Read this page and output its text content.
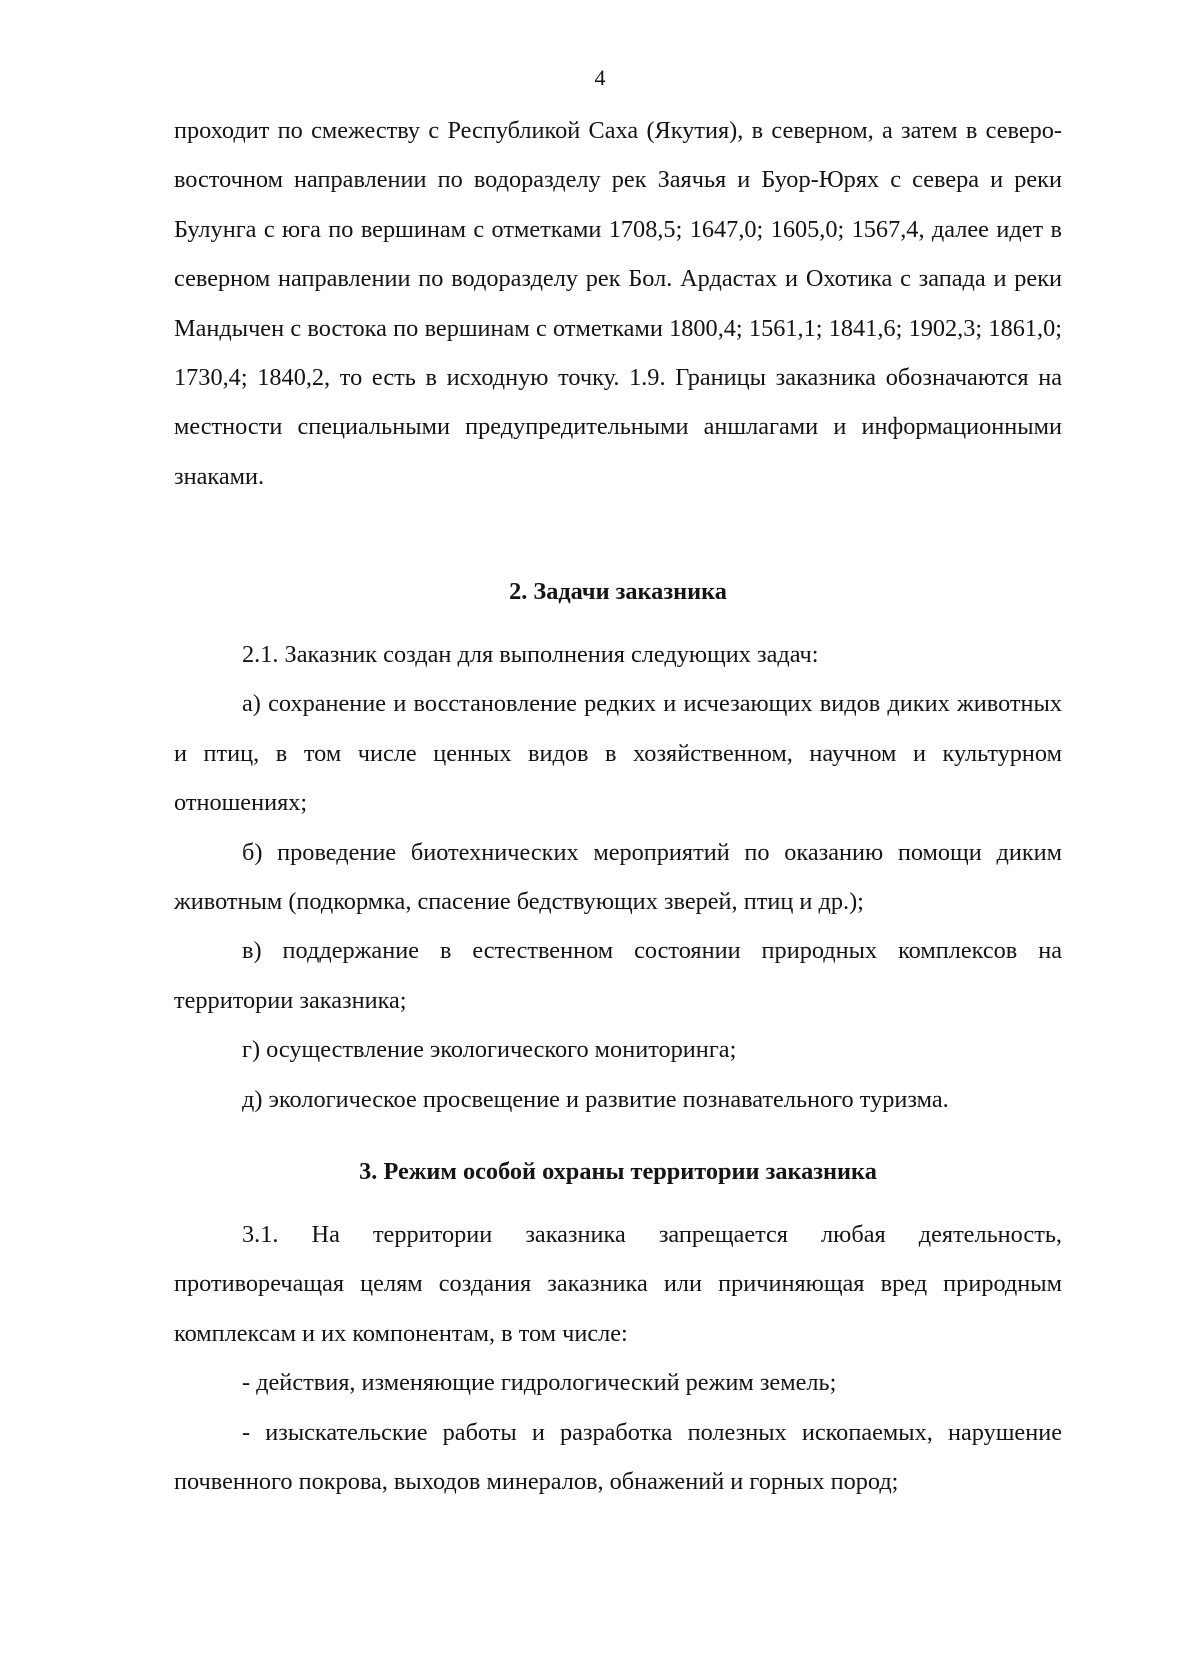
4

проходит по смежеству с Республикой Саха (Якутия), в северном, а затем в северо-восточном направлении по водоразделу рек Заячья и Буор-Юрях с севера и реки Булунга с юга по вершинам с отметками 1708,5; 1647,0; 1605,0; 1567,4, далее идет в северном направлении по водоразделу рек Бол. Ардастах и Охотика с запада и реки Мандычен с востока по вершинам с отметками 1800,4; 1561,1; 1841,6; 1902,3; 1861,0; 1730,4; 1840,2, то есть в исходную точку. 1.9. Границы заказника обозначаются на местности специальными предупредительными аншлагами и информационными знаками.

2. Задачи заказника

2.1. Заказник создан для выполнения следующих задач:

а) сохранение и восстановление редких и исчезающих видов диких животных и птиц, в том числе ценных видов в хозяйственном, научном и культурном отношениях;

б) проведение биотехнических мероприятий по оказанию помощи диким животным (подкормка, спасение бедствующих зверей, птиц и др.);

в) поддержание в естественном состоянии природных комплексов на территории заказника;

г) осуществление экологического мониторинга;

д) экологическое просвещение и развитие познавательного туризма.

3. Режим особой охраны территории заказника

3.1. На территории заказника запрещается любая деятельность, противоречащая целям создания заказника или причиняющая вред природным комплексам и их компонентам, в том числе:

- действия, изменяющие гидрологический режим земель;

- изыскательские работы и разработка полезных ископаемых, нарушение почвенного покрова, выходов минералов, обнажений и горных пород;
